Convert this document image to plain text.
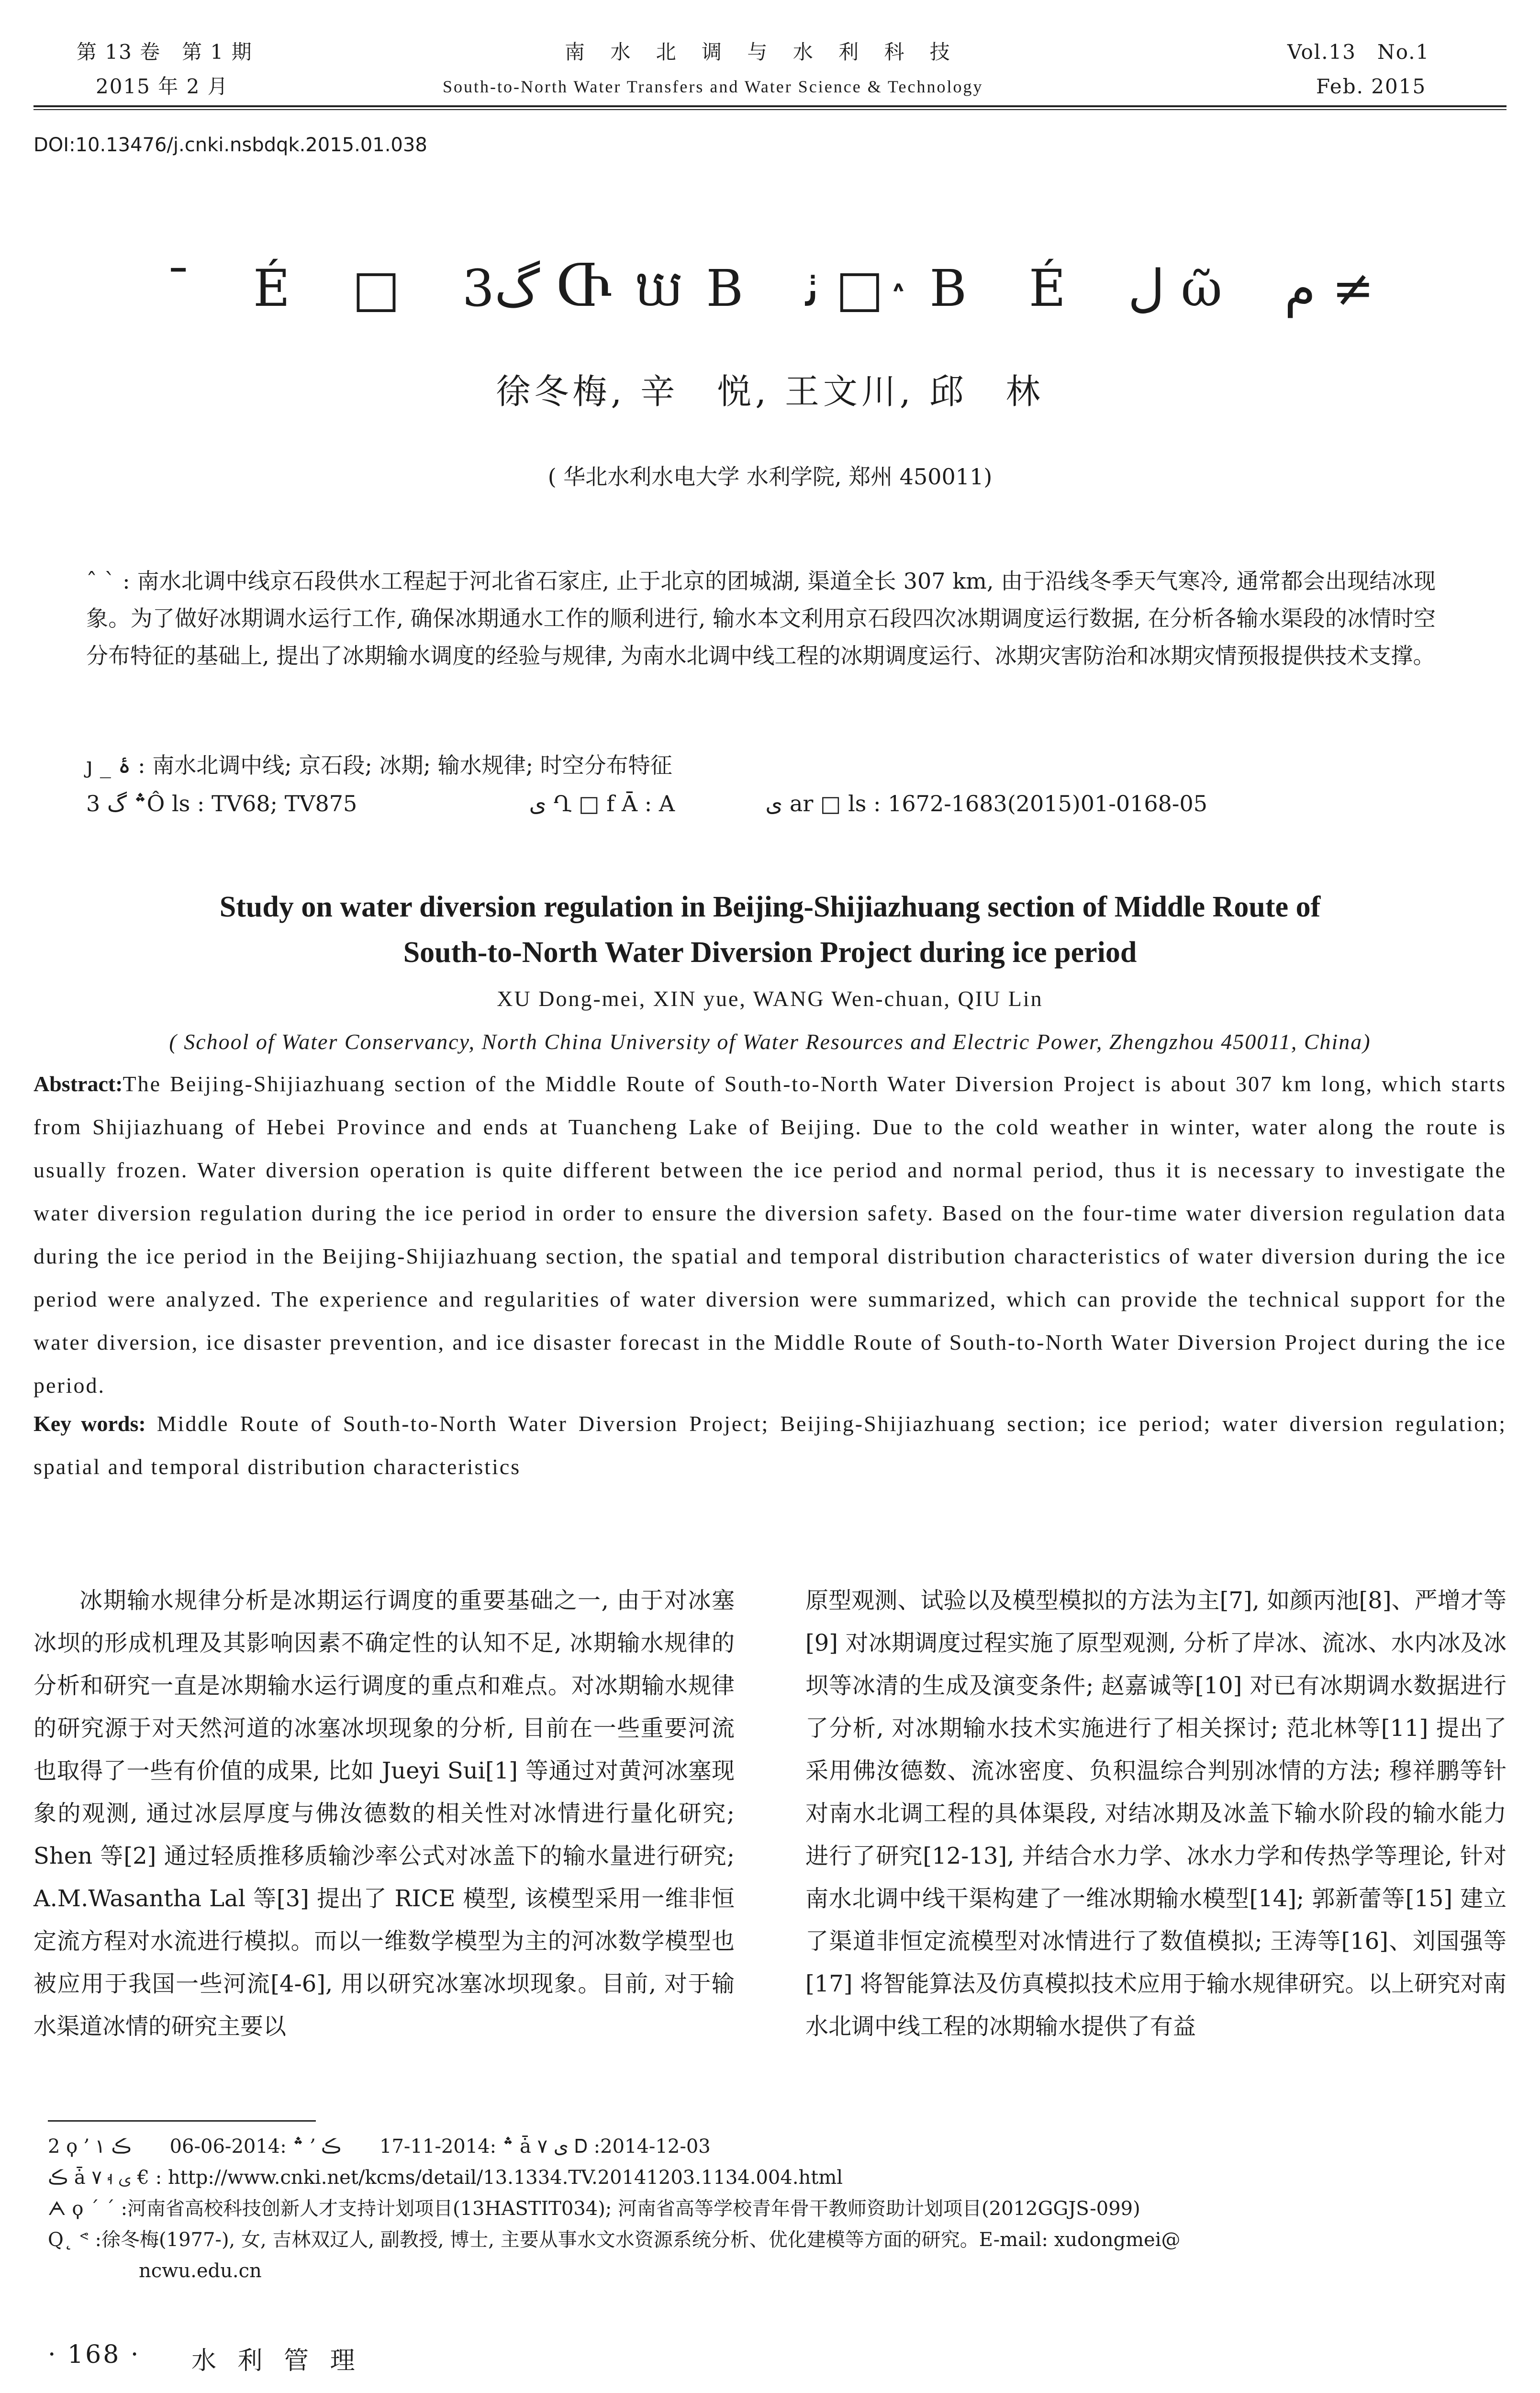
第 13 卷　第 1 期
2015 年 2 月
南 水 北 调 与 水 利 科 技
South-to-North Water Transfers and Water Science & Technology
Vol.13　No.1
Feb. 2015
DOI:10.13476/j.cnki.nsbdqk.2015.01.038
¯ É □ گ3 ႧឃB ﭠ □ ٛ B É ﻝ ῶ ﻡ ≠
徐冬梅, 辛　悦, 王文川, 邱　林
( 华北水利水电大学 水利学院, 郑州 450011)
ˆ ˋ : 南水北调中线京石段供水工程起于河北省石家庄, 止于北京的团城湖, 渠道全长 307 km, 由于沿线冬季天气寒冷, 通常都会出现结冰现象。为了做好冰期调水运行工作, 确保冰期通水工作的顺利进行, 输水本文利用京石段四次冰期调度运行数据, 在分析各输水渠段的冰情时空分布特征的基础上, 提出了冰期输水调度的经验与规律, 为南水北调中线工程的冰期调度运行、冰期灾害防治和冰期灾情预报提供技术支撑。
ȷ _ ۂ : 南水北调中线; 京石段; 冰期; 输水规律; 时空分布特征
3 ؞ گÔ ls : TV68; TV875	ی Ղ □ f Ā : A	ی ar □ ls : 1672-1683(2015)01-0168-05
Study on water diversion regulation in Beijing-Shijiazhuang section of Middle Route of
South-to-North Water Diversion Project during ice period
XU Dong-mei, XIN yue, WANG Wen-chuan, QIU Lin
( School of Water Conservancy, North China University of Water Resources and Electric Power, Zhengzhou 450011, China)
Abstract:The Beijing-Shijiazhuang section of the Middle Route of South-to-North Water Diversion Project is about 307 km long, which starts from Shijiazhuang of Hebei Province and ends at Tuancheng Lake of Beijing. Due to the cold weather in winter, water along the route is usually frozen. Water diversion operation is quite different between the ice period and normal period, thus it is necessary to investigate the water diversion regulation during the ice period in order to ensure the diversion safety. Based on the four-time water diversion regulation data during the ice period in the Beijing-Shijiazhuang section, the spatial and temporal distribution characteristics of water diversion during the ice period were analyzed. The experience and regularities of water diversion were summarized, which can provide the technical support for the water diversion, ice disaster prevention, and ice disaster forecast in the Middle Route of South-to-North Water Diversion Project during the ice period.
Key words: Middle Route of South-to-North Water Diversion Project; Beijing-Shijiazhuang section; ice period; water diversion regulation; spatial and temporal distribution characteristics
冰期输水规律分析是冰期运行调度的重要基础之一, 由于对冰塞冰坝的形成机理及其影响因素不确定性的认知不足, 冰期输水规律的分析和研究一直是冰期输水运行调度的重点和难点。对冰期输水规律的研究源于对天然河道的冰塞冰坝现象的分析, 目前在一些重要河流也取得了一些有价值的成果, 比如 Jueyi Sui[1] 等通过对黄河冰塞现象的观测, 通过冰层厚度与佛汝德数的相关性对冰情进行量化研究; Shen 等[2] 通过轻质推移质输沙率公式对冰盖下的输水量进行研究; A.M.Wasantha Lal 等[3] 提出了 RICE 模型, 该模型采用一维非恒定流方程对水流进行模拟。而以一维数学模型为主的河冰数学模型也被应用于我国一些河流[4-6], 用以研究冰塞冰坝现象。目前, 对于输水渠道冰情的研究主要以
原型观测、试验以及模型模拟的方法为主[7], 如颜丙池[8]、严增才等[9] 对冰期调度过程实施了原型观测, 分析了岸冰、流冰、水内冰及冰坝等冰清的生成及演变条件; 赵嘉诚等[10] 对已有冰期调水数据进行了分析, 对冰期输水技术实施进行了相关探讨; 范北林等[11] 提出了采用佛汝德数、流冰密度、负积温综合判别冰情的方法; 穆祥鹏等针对南水北调工程的具体渠段, 对结冰期及冰盖下输水阶段的输水能力进行了研究[12-13], 并结合水力学、冰水力学和传热学等理论, 针对南水北调中线干渠构建了一维冰期输水模型[14]; 郭新蕾等[15] 建立了渠道非恒定流模型对冰情进行了数值模拟; 王涛等[16]、刘国强等[17] 将智能算法及仿真模拟技术应用于输水规律研究。以上研究对南水北调中线工程的冰期输水提供了有益
2 ϙ ՚ ؞ :2014-06-06　　ڪ ۱ ՚ ؞ :2014-11-17　　ڪ ǡ ۷ ی Ꭰ :2014-12-03
ڪ ǡ ۷ ی ࢂ € : http://www.cnki.net/kcms/detail/13.1334.TV.20141203.1134.004.html
ᗅ ϙ ˊ ˊ :河南省高校科技创新人才支持计划项目(13HASTIT034); 河南省高等学校青年骨干教师资助计划项目(2012GGJS-099)
Q˛ ᕝ :徐冬梅(1977-), 女, 吉林双辽人, 副教授, 博士, 主要从事水文水资源系统分析、优化建模等方面的研究。E-mail: xudongmei@
ncwu.edu.cn
· 168 · 水 利 管 理
